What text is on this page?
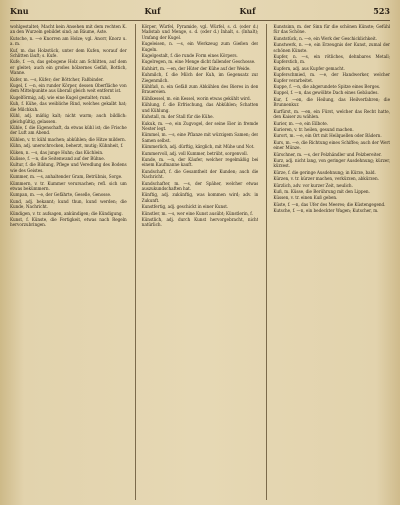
Knu	Kuf	Kuf	523

wohlgestaltet; Macht kein Ansehen mit dem rechten K. an den Wurzeln gebildet sind; an Bäume, Aste.

Kutsche, n. —e Knorren am Holze; vgl. Anorr, Knorz u. a. m.

Kuf, m. das Holzstück, unter dem Kufen, worauf der Schlitten läuft; s. Kufe.

Kufe, f. —n, das gebogene Holz am Schlitten, auf dem er gleitet; auch ein großes hölzernes Gefäß, Bottich, Wanne.

Kufer, m. —s, Küfer; der Böttcher, Faßbinder.

Kugel, f. —n, ein runder Körper, dessen Oberfläche von dem Mittelpunkte aus überall gleich weit entfernt ist.

Kugelförmig, adj. wie eine Kugel gestaltet; rund.

Kuh, f. Kühe, das weibliche Rind, welches gekalbt hat; die Milchkuh.

Kühl, adj. mäßig kalt; nicht warm; auch bildlich: gleichgültig, gelassen.

Kühle, f. die Eigenschaft, da etwas kühl ist; die Frische der Luft am Abend.

Kühlen, v. tr. kühl machen; abkühlen; die Hitze mildern.

Kühn, adj. unerschrocken, beherzt, mutig; Kühnheit, f.

Küken, n. —s, das junge Huhn; das Küchlein.

Kulisse, f. —n, die Seitenwand auf der Bühne.

Kultur, f. die Bildung, Pflege und Veredlung des Bodens wie des Geistes.

Kummer, m. —s, anhaltender Gram, Betrübnis, Sorge.

Kümmern, v. tr. Kummer verursachen; refl. sich um etwas bekümmern.

Kumpan, m. —e, der Gefährte, Geselle, Genosse.

Kund, adj. bekannt; kund thun, kund werden; die Kunde, Nachricht.

Kündigen, v. tr. aufsagen, ankündigen; die Kündigung.

Kunst, f. Künste, die Fertigkeit, etwas nach Regeln hervorzubringen.

Körper, Würfel, Pyramide, vgl. Würfel, s. d. (oder d.) Maßstab und Menge, s. d. (oder d.) Inhalt, s. (Inhalt); Umfang der Kugel.

Kugeleisen, n. —s, ein Werkzeug zum Gießen der Kugeln.

Kugelgestalt, f. die runde Form eines Körpers.

Kugelregen, m. eine Menge dicht fallender Geschosse.

Kuhhirt, m. —en, der Hüter der Kühe auf der Weide.

Kuhmilch, f. die Milch der Kuh, im Gegensatz zur Ziegenmilch.

Kühlfaß, n. ein Gefäß zum Abkühlen des Bieres in den Brauereien.

Kühlkessel, m. ein Kessel, worin etwas gekühlt wird.

Kühlung, f. die Erfrischung, das Abkühlen; Schatten und Kühlung.

Kuhstall, m. der Stall für die Kühe.

Kukuk, m. —e, ein Zugvogel, der seine Eier in fremde Nester legt.

Kümmel, m. —s, eine Pflanze mit würzigem Samen; der Samen selbst.

Kümmerlich, adj. dürftig, kärglich, mit Mühe und Not.

Kummervoll, adj. voll Kummer, betrübt, sorgenvoll.

Kunde, m. —n, der Käufer, welcher regelmäßig bei einem Kaufmanne kauft.

Kundschaft, f. die Gesamtheit der Kunden; auch die Nachricht.

Kundschafter, m. —s, der Späher, welcher etwas auszukundschaften hat.

Künftig, adj. zukünftig, was kommen wird; adv. in Zukunft.

Kunstfertig, adj. geschickt in einer Kunst.

Künstler, m. —s, wer eine Kunst ausübt; Künstlerin, f.

Künstlich, adj. durch Kunst hervorgebracht, nicht natürlich.

Kunstsinn, m. der Sinn für die schönen Künste; Gefühl für das Schöne.

Kunststück, n. —e, ein Werk der Geschicklichkeit.

Kunstwerk, n. —e, ein Erzeugnis der Kunst, zumal der schönen Künste.

Kupfer, n. —s, ein rötliches, dehnbares Metall; Kupferstich, m.

Kupfern, adj. aus Kupfer gemacht.

Kupferschmied, m. —e, der Handwerker, welcher Kupfer verarbeitet.

Kuppe, f. —n, die abgerundete Spitze eines Berges.

Kuppel, f. —n, das gewölbte Dach eines Gebäudes.

Kur, f. —en, die Heilung, das Heilverfahren; die Brunnenkur.

Kurfürst, m. —en, ein Fürst, welcher das Recht hatte, den Kaiser zu wählen.

Kurier, m. —e, ein Eilbote.

Kurieren, v. tr. heilen, gesund machen.

Kurort, m. —e, ein Ort mit Heilquellen oder Bädern.

Kurs, m. —e, die Richtung eines Schiffes; auch der Wert einer Münze.

Kürschner, m. —s, der Pelzhändler und Pelzbereiter.

Kurz, adj. nicht lang, von geringer Ausdehnung; kürzer, kürzest.

Kürze, f. die geringe Ausdehnung; in Kürze, bald.

Kürzen, v. tr. kürzer machen, verkürzen, abkürzen.

Kürzlich, adv. vor kurzer Zeit, neulich.

Kuß, m. Küsse, die Berührung mit den Lippen.

Küssen, v. tr. einen Kuß geben.

Küste, f. —n, das Ufer des Meeres; die Küstengegend.

Kutsche, f. —n, ein bedeckter Wagen; Kutscher, m.
